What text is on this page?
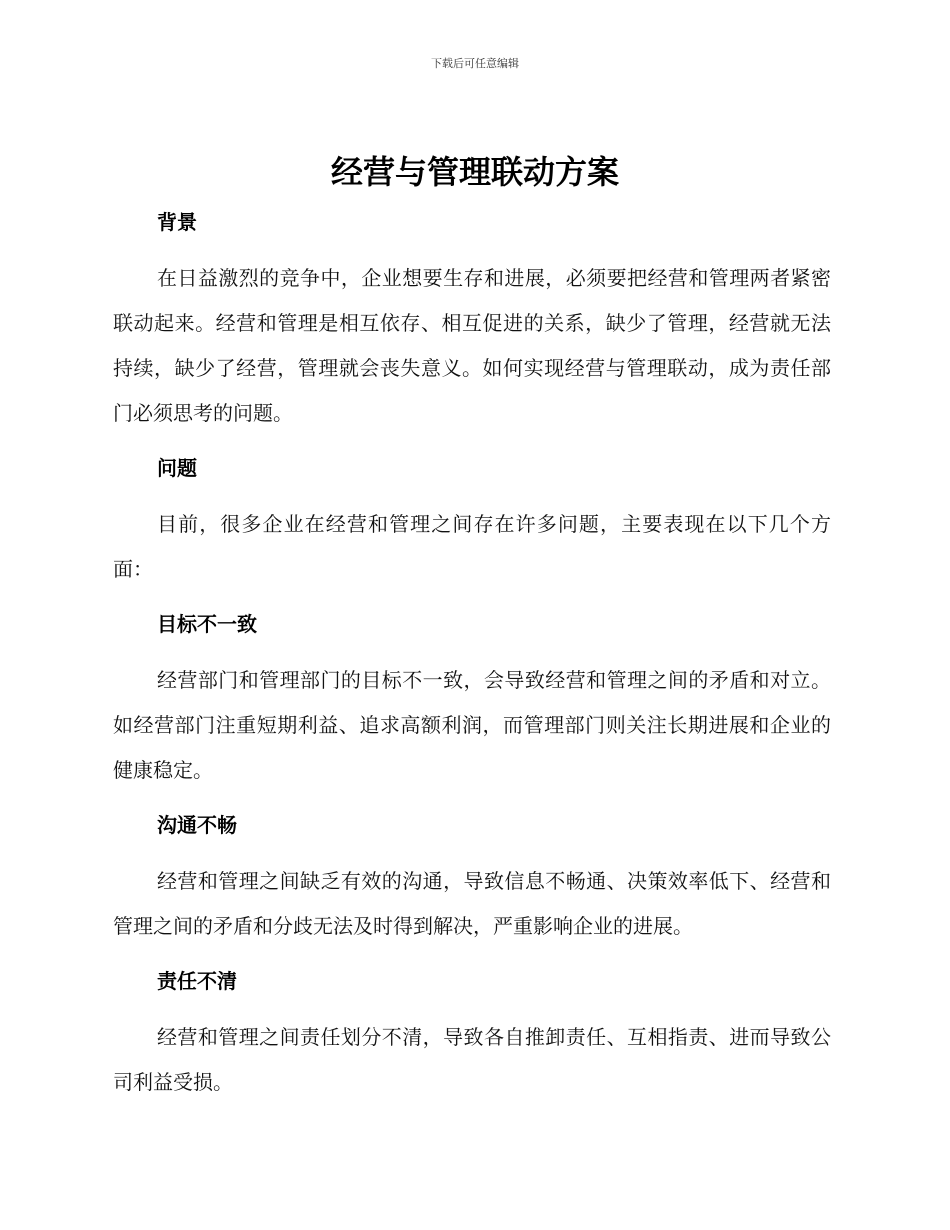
下载后可任意编辑
经营与管理联动方案
背景

在日益激烈的竞争中，企业想要生存和进展，必须要把经营和管理两者紧密联动起来。经营和管理是相互依存、相互促进的关系，缺少了管理，经营就无法持续，缺少了经营，管理就会丧失意义。如何实现经营与管理联动，成为责任部门必须思考的问题。

问题

目前，很多企业在经营和管理之间存在许多问题，主要表现在以下几个方面：

目标不一致

经营部门和管理部门的目标不一致，会导致经营和管理之间的矛盾和对立。如经营部门注重短期利益、追求高额利润，而管理部门则关注长期进展和企业的健康稳定。

沟通不畅

经营和管理之间缺乏有效的沟通，导致信息不畅通、决策效率低下、经营和管理之间的矛盾和分歧无法及时得到解决，严重影响企业的进展。

责任不清

经营和管理之间责任划分不清，导致各自推卸责任、互相指责、进而导致公司利益受损。
